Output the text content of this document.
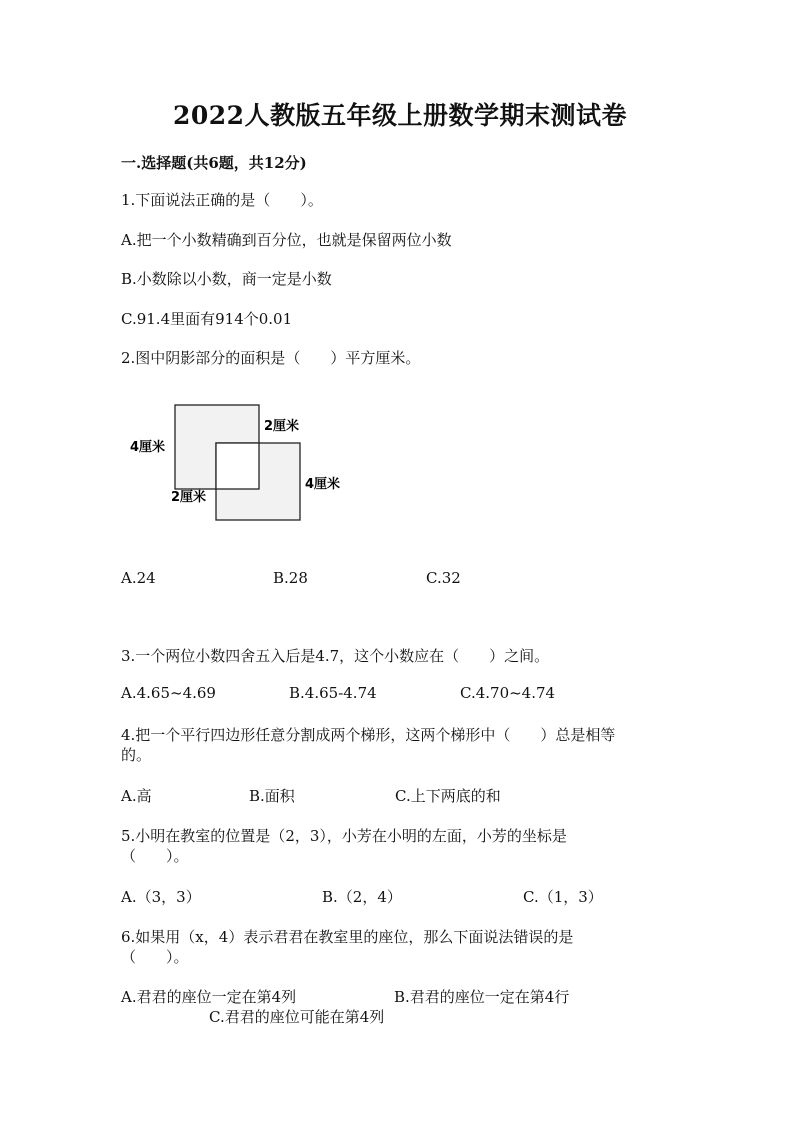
2022人教版五年级上册数学期末测试卷
一.选择题(共6题，共12分)
1.下面说法正确的是（　　）。
A.把一个小数精确到百分位，也就是保留两位小数
B.小数除以小数，商一定是小数
C.91.4里面有914个0.01
2.图中阴影部分的面积是（　　）平方厘米。
4厘米
2厘米
2厘米
4厘米
A.24	B.28	C.32
3.一个两位小数四舍五入后是4.7，这个小数应在（　　）之间。
A.4.65~4.69	B.4.65-4.74	C.4.70~4.74
4.把一个平行四边形任意分割成两个梯形，这两个梯形中（　　）总是相等
的。
A.高	B.面积	C.上下两底的和
5.小明在教室的位置是（2，3），小芳在小明的左面，小芳的坐标是
（　　）。
A.（3，3）	B.（2，4）	C.（1，3）
6.如果用（x，4）表示君君在教室里的座位，那么下面说法错误的是
（　　）。
A.君君的座位一定在第4列	B.君君的座位一定在第4行
C.君君的座位可能在第4列
